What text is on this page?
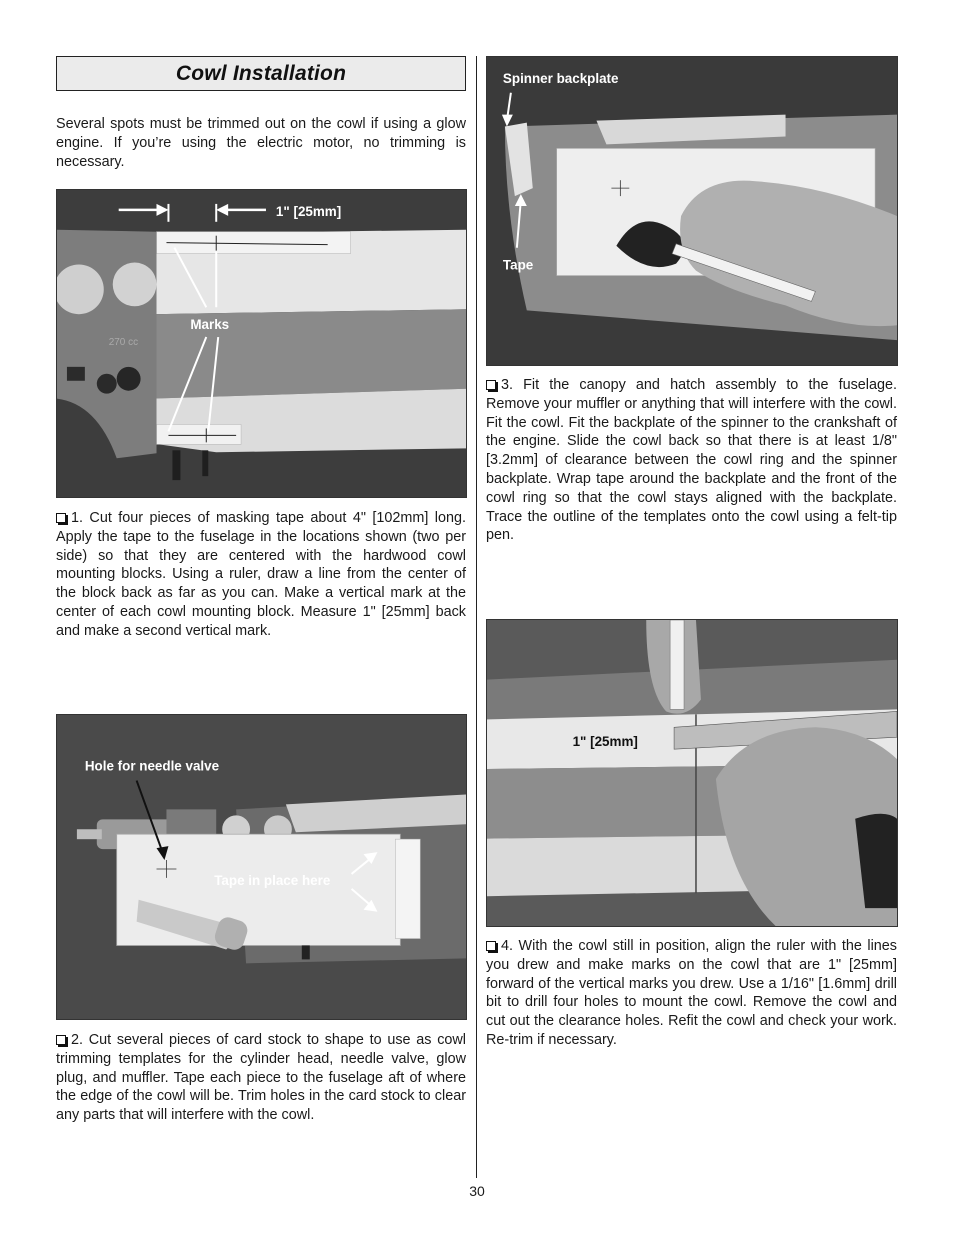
Cowl Installation

Several spots must be trimmed out on the cowl if using a glow engine. If you’re using the electric motor, no trimming is necessary.

270 cc
1" [25mm]
Marks

1. Cut four pieces of masking tape about 4" [102mm] long. Apply the tape to the fuselage in the locations shown (two per side) so that they are centered with the hardwood cowl mounting blocks. Using a ruler, draw a line from the center of the block back as far as you can. Make a vertical mark at the center of each cowl mounting block. Measure 1" [25mm] back and make a second vertical mark.

Hole for needle valve
Tape in place here

2. Cut several pieces of card stock to shape to use as cowl trimming templates for the cylinder head, needle valve, glow plug, and muffler. Tape each piece to the fuselage aft of where the edge of the cowl will be. Trim holes in the card stock to clear any parts that will interfere with the cowl.

Spinner backplate
Tape

3. Fit the canopy and hatch assembly to the fuselage. Remove your muffler or anything that will interfere with the cowl. Fit the cowl. Fit the backplate of the spinner to the crankshaft of the engine. Slide the cowl back so that there is at least 1/8" [3.2mm] of clearance between the cowl ring and the spinner backplate. Wrap tape around the backplate and the front of the cowl ring so that the cowl stays aligned with the backplate. Trace the outline of the templates onto the cowl using a felt-tip pen.

1" [25mm]

4. With the cowl still in position, align the ruler with the lines you drew and make marks on the cowl that are 1" [25mm] forward of the vertical marks you drew. Use a 1/16" [1.6mm] drill bit to drill four holes to mount the cowl. Remove the cowl and cut out the clearance holes. Refit the cowl and check your work. Re-trim if necessary.

30
